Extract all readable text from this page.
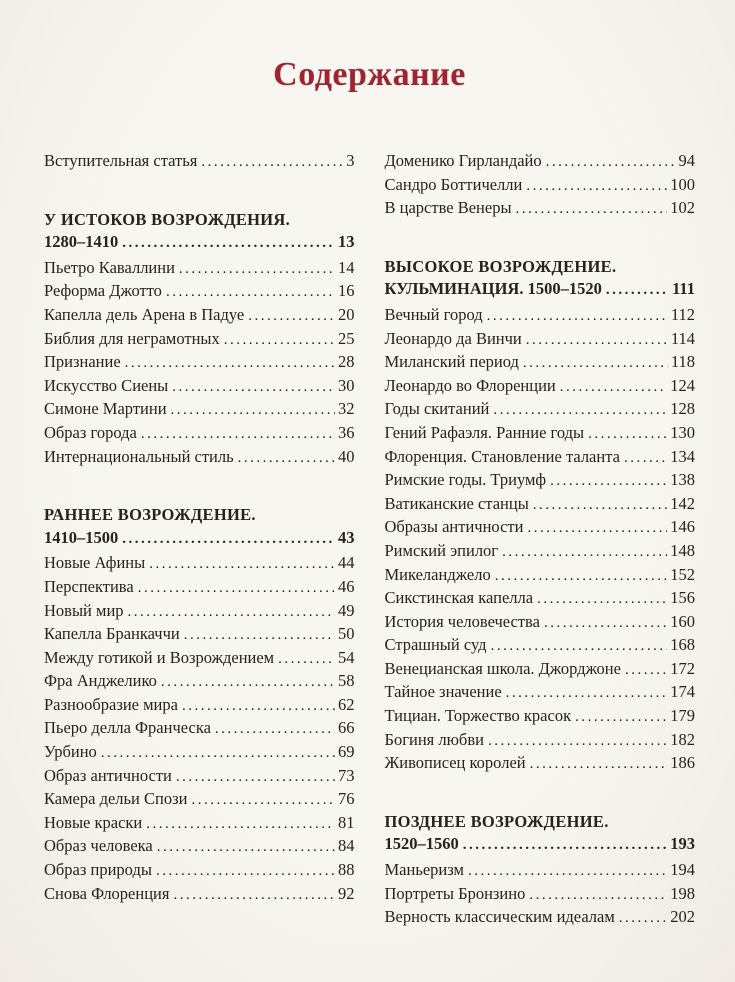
Содержание
Вступительная статья .....	3
У ИСТОКОВ ВОЗРОЖДЕНИЯ.
1280–1410 .....	13
Пьетро Каваллини .....	14
Реформа Джотто .....	16
Капелла дель Арена в Падуе .....	20
Библия для неграмотных .....	25
Признание .....	28
Искусство Сиены .....	30
Симоне Мартини .....	32
Образ города .....	36
Интернациональный стиль .....	40
РАННЕЕ ВОЗРОЖДЕНИЕ.
1410–1500 .....	43
Новые Афины .....	44
Перспектива .....	46
Новый мир .....	49
Капелла Бранкаччи .....	50
Между готикой и Возрождением .....	54
Фра Анджелико .....	58
Разнообразие мира .....	62
Пьеро делла Франческа .....	66
Урбино .....	69
Образ античности .....	73
Камера дельи Спози .....	76
Новые краски .....	81
Образ человека .....	84
Образ природы .....	88
Снова Флоренция .....	92
Доменико Гирландайо .....	94
Сандро Боттичелли .....	100
В царстве Венеры .....	102
ВЫСОКОЕ ВОЗРОЖДЕНИЕ.
КУЛЬМИНАЦИЯ. 1500–1520 .....	111
Вечный город .....	112
Леонардо да Винчи .....	114
Миланский период .....	118
Леонардо во Флоренции .....	124
Годы скитаний .....	128
Гений Рафаэля. Ранние годы .....	130
Флоренция. Становление таланта .....	134
Римские годы. Триумф .....	138
Ватиканские станцы .....	142
Образы античности .....	146
Римский эпилог .....	148
Микеланджело .....	152
Сикстинская капелла .....	156
История человечества .....	160
Страшный суд .....	168
Венецианская школа. Джорджоне .....	172
Тайное значение .....	174
Тициан. Торжество красок .....	179
Богиня любви .....	182
Живописец королей .....	186
ПОЗДНЕЕ ВОЗРОЖДЕНИЕ.
1520–1560 .....	193
Маньеризм .....	194
Портреты Бронзино .....	198
Верность классическим идеалам .....	202
